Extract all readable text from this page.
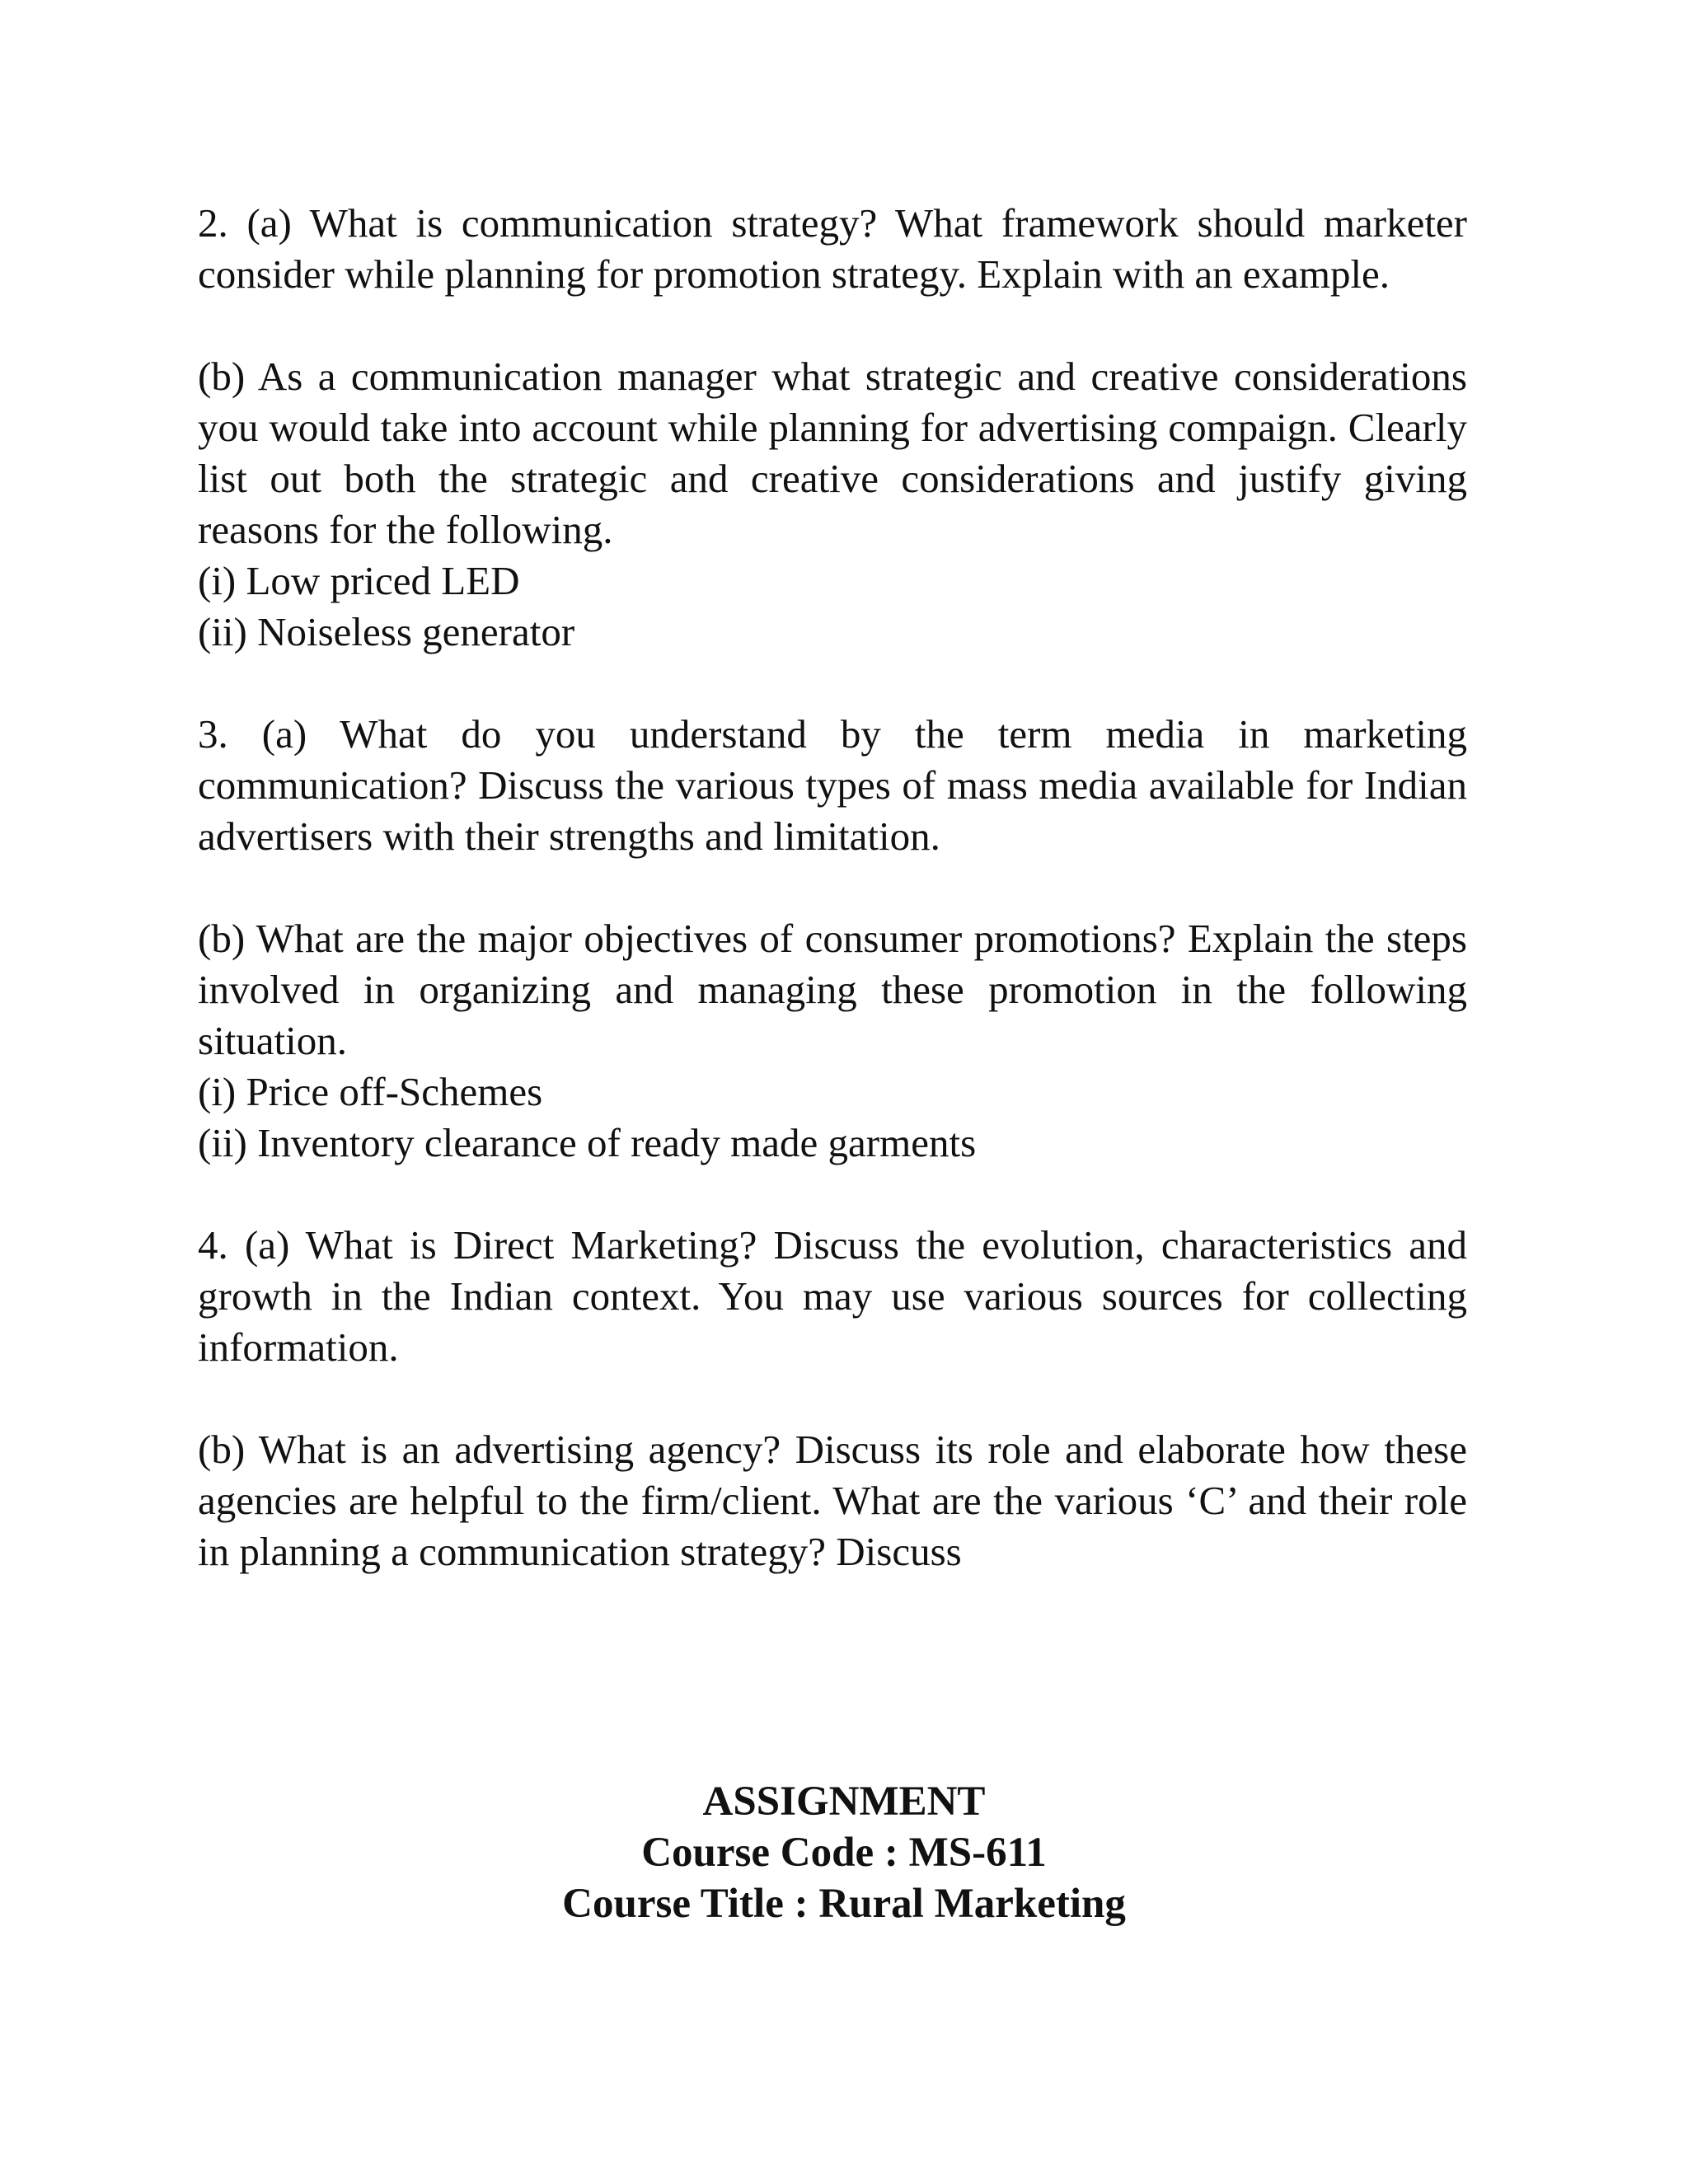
2. (a) What is communication strategy? What framework should marketer consider while planning for promotion strategy. Explain with an example.

(b) As a communication manager what strategic and creative considerations you would take into account while planning for advertising compaign. Clearly list out both the strategic and creative considerations and justify giving reasons for the following.

(i) Low priced LED

(ii) Noiseless generator

3. (a) What do you understand by the term media in marketing communication? Discuss the various types of mass media available for Indian advertisers with their strengths and limitation.

(b) What are the major objectives of consumer promotions? Explain the steps involved in organizing and managing these promotion in the following situation.

(i) Price off-Schemes

(ii) Inventory clearance of ready made garments

4. (a) What is Direct Marketing? Discuss the evolution, characteristics and growth in the Indian context. You may use various sources for collecting information.

(b) What is an advertising agency? Discuss its role and elaborate how these agencies are helpful to the firm/client. What are the various ‘C’ and their role in planning a communication strategy? Discuss

ASSIGNMENT

Course Code : MS-611

Course Title : Rural Marketing
